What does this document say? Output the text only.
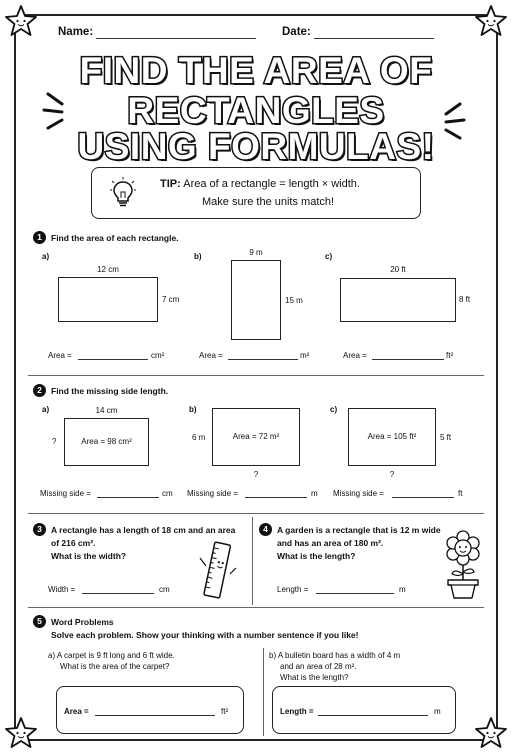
Name:	Date:
FIND THE AREA OF
RECTANGLES
USING FORMULAS!
TIP: Area of a rectangle = length × width.
Make sure the units match!
1	Find the area of each rectangle.
a)
12 cm
7 cm
Area =	cm²
b)	9 m
15 m
Area =	m²
c)
20 ft
8 ft
Area =	ft²
2	Find the missing side length.
a)	14 cm
Area = 98 cm²
?
Missing side =	cm
b)
Area = 72 m²
6 m
?
Missing side =	m
c)
Area = 105 ft²	5 ft
?
Missing side =	ft
3	A rectangle has a length of 18 cm and an area
of 216 cm².
What is the width?
Width =	cm
4	A garden is a rectangle that is 12 m wide
and has an area of 180 m².
What is the length?
Length =	m
5	Word Problems
Solve each problem. Show your thinking with a number sentence if you like!
a) A carpet is 9 ft long and 6 ft wide.
What is the area of the carpet?
Area =	ft²
b) A bulletin board has a width of 4 m
and an area of 28 m².
What is the length?
Length =	m
